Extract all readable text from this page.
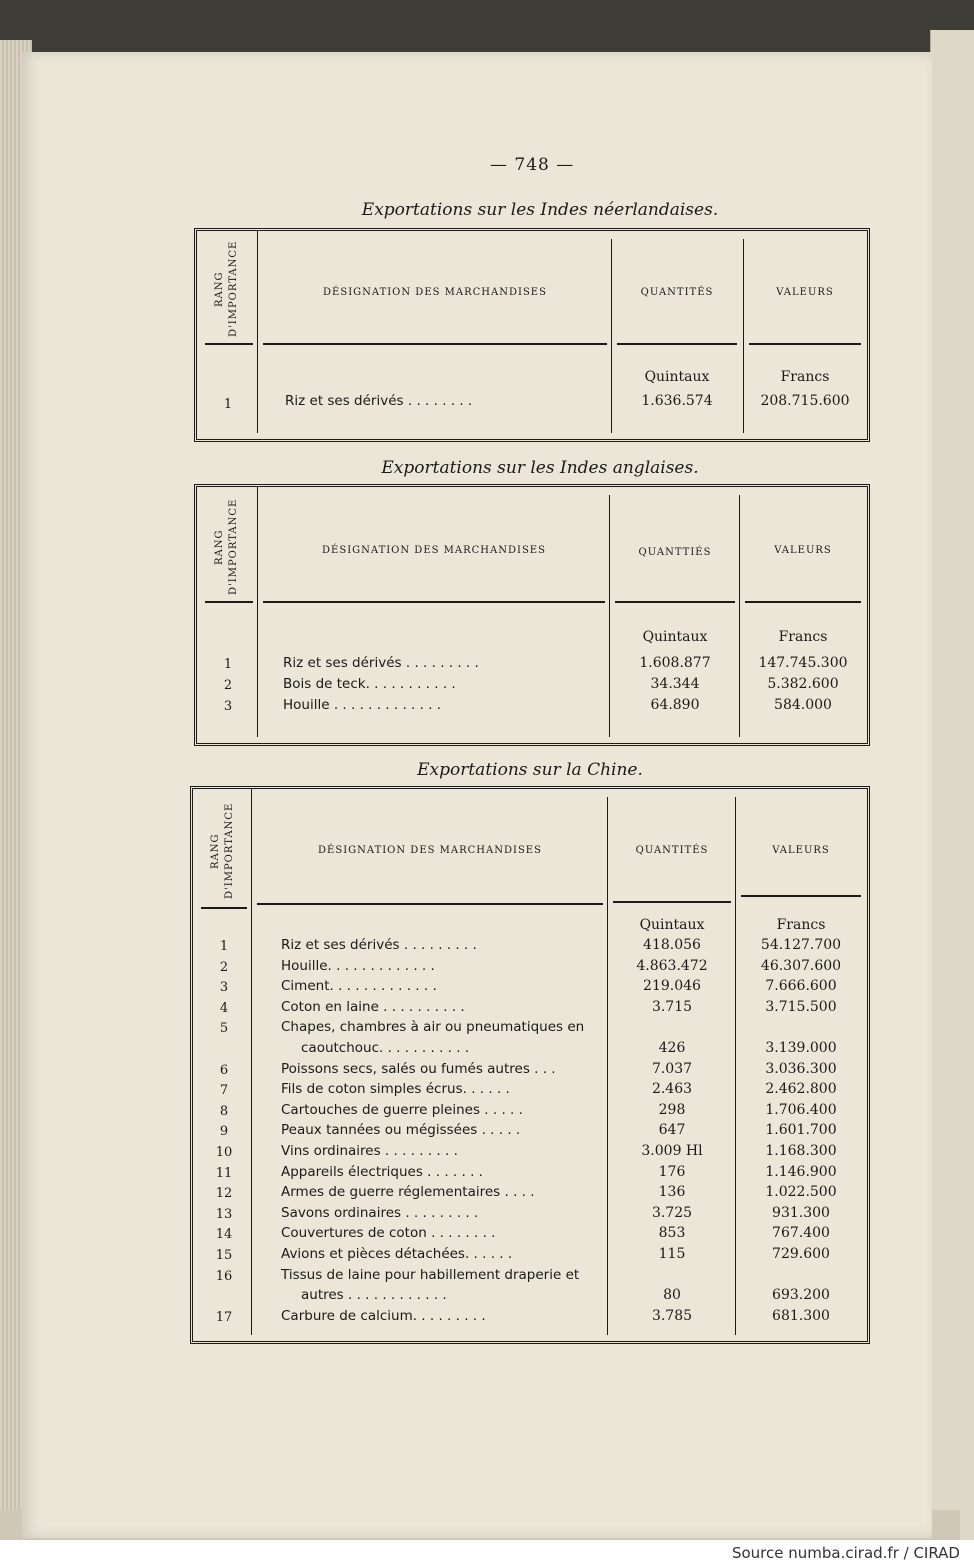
— 748 —
Exportations sur les Indes néerlandaises.
RANG D'IMPORTANCE	DÉSIGNATION DES MARCHANDISES	QUANTITÉS	VALEURS
Quintaux	Francs
1	Riz et ses dérivés . . . . . . . .	1.636.574	208.715.600
Exportations sur les Indes anglaises.
RANG D'IMPORTANCE	DÉSIGNATION DES MARCHANDISES	QUANTTIÉS	VALEURS
Quintaux	Francs
1	Riz et ses dérivés . . . . . . . . .	1.608.877	147.745.300
2	Bois de teck. . . . . . . . . . .	34.344	5.382.600
3	Houille . . . . . . . . . . . . .	64.890	584.000
Exportations sur la Chine.
RANG D'IMPORTANCE	DÉSIGNATION DES MARCHANDISES	QUANTITÉS	VALEURS
Quintaux	Francs
1	Riz et ses dérivés . . . . . . . . .	418.056	54.127.700
2	Houille. . . . . . . . . . . . .	4.863.472	46.307.600
3	Ciment. . . . . . . . . . . . .	219.046	7.666.600
4	Coton en laine . . . . . . . . . .	3.715	3.715.500
5	Chapes, chambres à air ou pneumatiques en
caoutchouc. . . . . . . . . . .	426	3.139.000
6	Poissons secs, salés ou fumés autres . . .	7.037	3.036.300
7	Fils de coton simples écrus. . . . . .	2.463	2.462.800
8	Cartouches de guerre pleines . . . . .	298	1.706.400
9	Peaux tannées ou mégissées . . . . .	647	1.601.700
10	Vins ordinaires . . . . . . . . .	3.009 Hl	1.168.300
11	Appareils électriques . . . . . . .	176	1.146.900
12	Armes de guerre réglementaires . . . .	136	1.022.500
13	Savons ordinaires . . . . . . . . .	3.725	931.300
14	Couvertures de coton . . . . . . . .	853	767.400
15	Avions et pièces détachées. . . . . .	115	729.600
16	Tissus de laine pour habillement draperie et
autres . . . . . . . . . . . .	80	693.200
17	Carbure de calcium. . . . . . . . .	3.785	681.300
Source numba.cirad.fr / CIRAD
